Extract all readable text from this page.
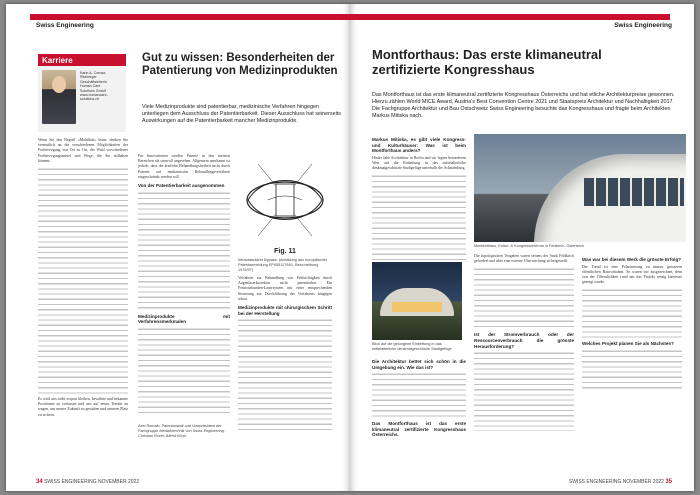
Swiss Engineering
Karriere
Karin A. Cornaz-
Ritzberger
Geschäftsleiterin
Human Care
Solutions GmbH
www.humancare-
solutions.ch
Gut zu wissen: Besonderheiten der Patentierung von Medizinprodukten

Viele Medizinprodukte sind patentierbar, medizinische Verfahren hingegen unterliegen dem Ausschluss der Patentierbarkeit. Dieser Ausschluss hat seinerseits Auswirkungen auf die Patentierbarkeit mancher Medizinprodukte.

Wenn Sie den Begriff «Mobilität» lesen, denken Sie vermutlich an die verschiedenen Möglichkeiten der Fortbewegung von Ort zu Ort, der Wahl verschiedener Fortbewegungsmittel und Wege, die Sie teilhaben können.

Es wird uns nicht erspart bleiben, bewährte und bekannte Positionen zu verlassen und uns auf neues Terrain zu wagen, um unsere Zukunft zu gestalten und unseren Platz zu sichern.

Für Innovationen werden Patente in den meisten Bereichen als sinnvoll angesehen. Allgemein anerkannt ist jedoch, dass die ärztliche Behandlungsfreiheit nicht durch Patente auf medizinische Behandlungsverfahren eingeschränkt werden soll.

Von der Patentierbarkeit ausgenommen
Medizinprodukte mit Verfahrensmerkmalen
Fig. 11
Intravaskulärer Bypass. (Abbildung aus europäischer Patentanmeldung EP0551179A1, Beschreibung 1975/97)

Verfahren zur Behandlung von Fehlsichtigkeit durch Augenlaserkorrektur nicht patentierbar. Ein Femtosekunden-Lasersystem mit einer entsprechenden Steuerung zur Durchführung des Verfahrens hingegen schon.

Medizinprodukte mit chirurgischem Schritt bei der Herstellung
Axel Romain, Patentanwalt und Vizepräsident der Fachgruppe Medizintechnik von Swiss Engineering. Christian Rover, Alfred Körpl.
34 SWISS ENGINEERING NOVEMBER 2022
Swiss Engineering
Montforthaus: Das erste klimaneutral zertifizierte Kongresshaus

Das Montforthaus ist das erste klimaneutral zertifizierte Kongresshaus Österreichs und hat etliche Architekturpreise gewonnen. Hierzu zählen World MICE Award, Austria's Best Convention Centre 2021 und Staatspreis Architektur und Nachhaltigkeit 2017. Die Fachgruppe Architektur und Bau Ostschweiz Swiss Engineering besuchte das Kongresshaus und fragte beim Architekten Markus Mitiska nach.

Markus Mitiska, es gibt viele Kongress- und Kulturhäuser: Was ist beim Montforthaus anders?

Hinter Jabe Architektur in Berlin und wir legten besonderen Wert auf die Einbettung in das mittelalterliche denkmalgeschützte Stadtgefüge unterhalb der Schattenburg.

Montforthaus, Kultur- & Kongresszentrum in Feldkirch, Österreich
Blick auf die gelungene Einbettung in das mittelalterliche denkmalgeschützte Stadtgefüge
Die Architektur bettet sich schön in die Umgebung ein. Wie das ist?
Das Montforthaus ist das erste klimaneutral zertifizierte Kongresshaus Österreichs.

Die topologischen Vorgaben waren seitens der Stadt Feldkirch gefordert und über eine externe Überwachung sichergestellt.

Ist der Stromverbrauch oder der Ressourcenverbrauch die grösste Herausforderung?
Was war bei diesem Werk die grösste Erfolg?

Der Trend ist eine Polarisierung zu immer grösseren öffentlichen Bauvorhaben. So waren wir ausgezeichnet, dem von der Öffentlichkeit rund um das Projekt wenig Interesse gezeigt wurde.

Welches Projekt planen Sie als Nächstes?
SWISS ENGINEERING NOVEMBER 2022 35
